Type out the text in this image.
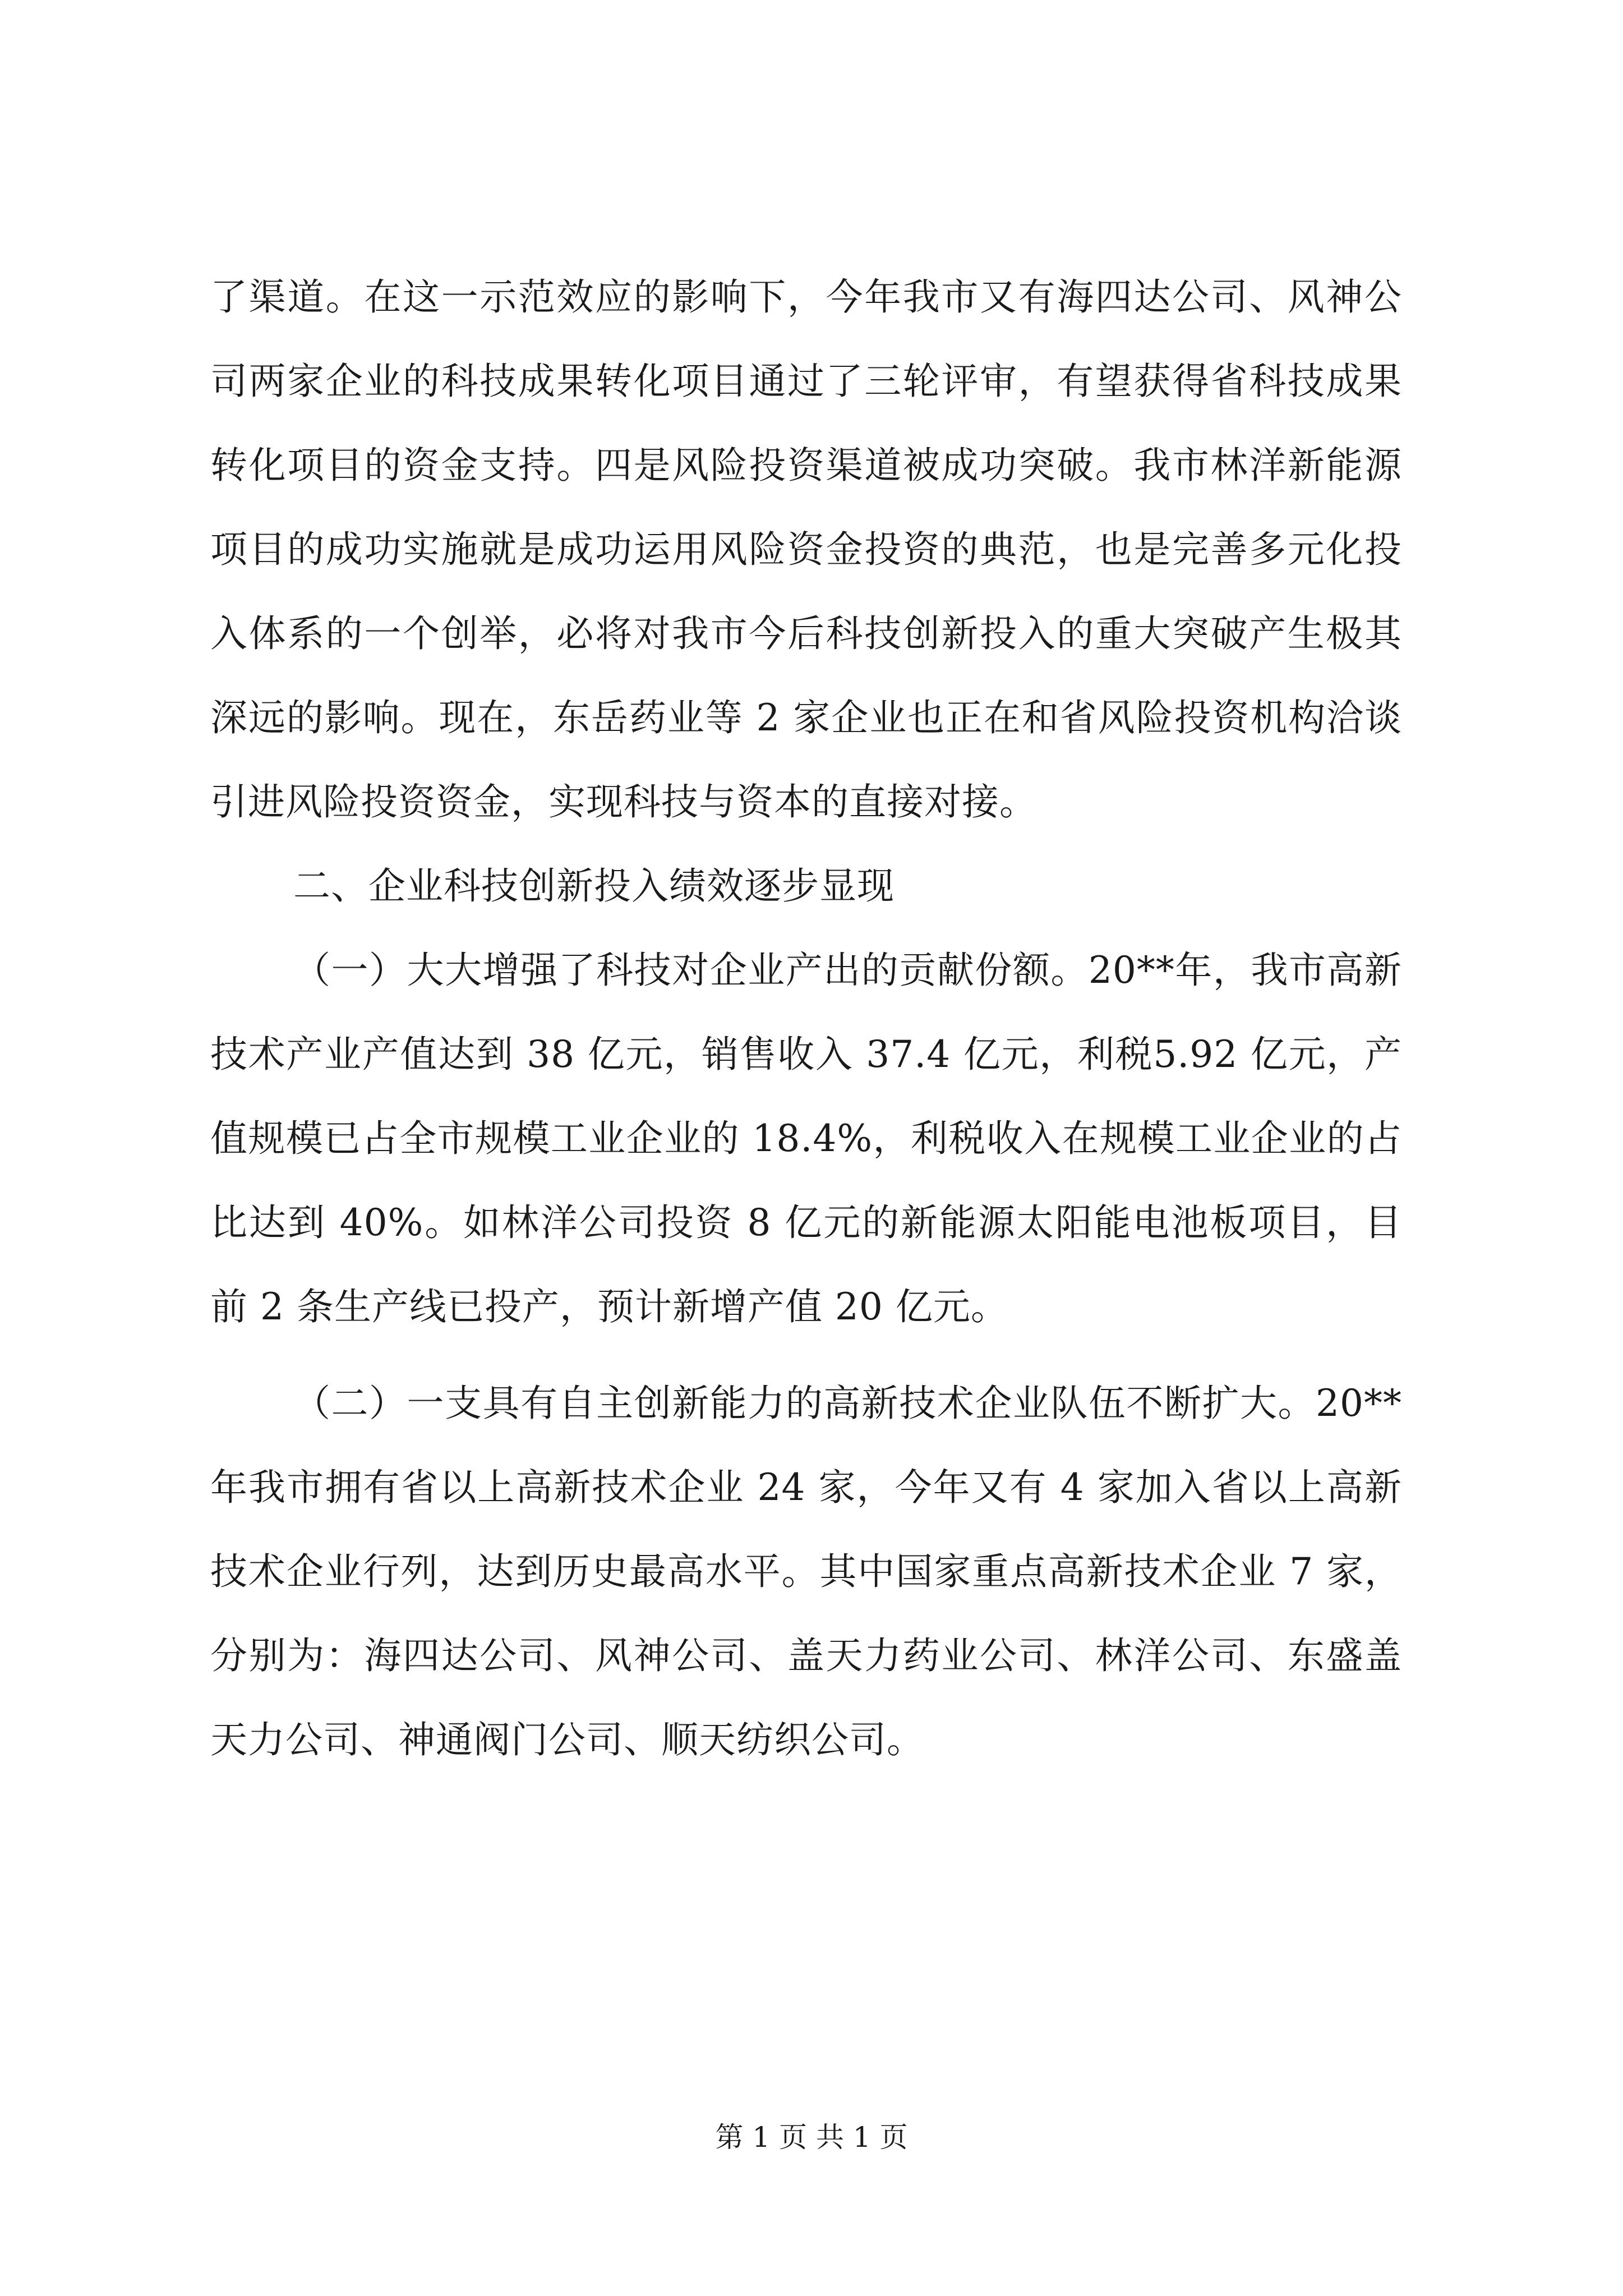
了渠道。在这一示范效应的影响下，今年我市又有海四达公司、风神公司两家企业的科技成果转化项目通过了三轮评审，有望获得省科技成果转化项目的资金支持。四是风险投资渠道被成功突破。我市林洋新能源项目的成功实施就是成功运用风险资金投资的典范，也是完善多元化投入体系的一个创举，必将对我市今后科技创新投入的重大突破产生极其深远的影响。现在，东岳药业等 2 家企业也正在和省风险投资机构洽谈引进风险投资资金，实现科技与资本的直接对接。

二、企业科技创新投入绩效逐步显现

（一）大大增强了科技对企业产出的贡献份额。20**年，我市高新技术产业产值达到 38 亿元，销售收入 37.4 亿元，利税5.92 亿元，产值规模已占全市规模工业企业的 18.4%，利税收入在规模工业企业的占比达到 40%。如林洋公司投资 8 亿元的新能源太阳能电池板项目，目前 2 条生产线已投产，预计新增产值 20 亿元。

（二）一支具有自主创新能力的高新技术企业队伍不断扩大。20**年我市拥有省以上高新技术企业 24 家，今年又有 4 家加入省以上高新技术企业行列，达到历史最高水平。其中国家重点高新技术企业 7 家，分别为：海四达公司、风神公司、盖天力药业公司、林洋公司、东盛盖天力公司、神通阀门公司、顺天纺织公司。

第 1 页 共 1 页
